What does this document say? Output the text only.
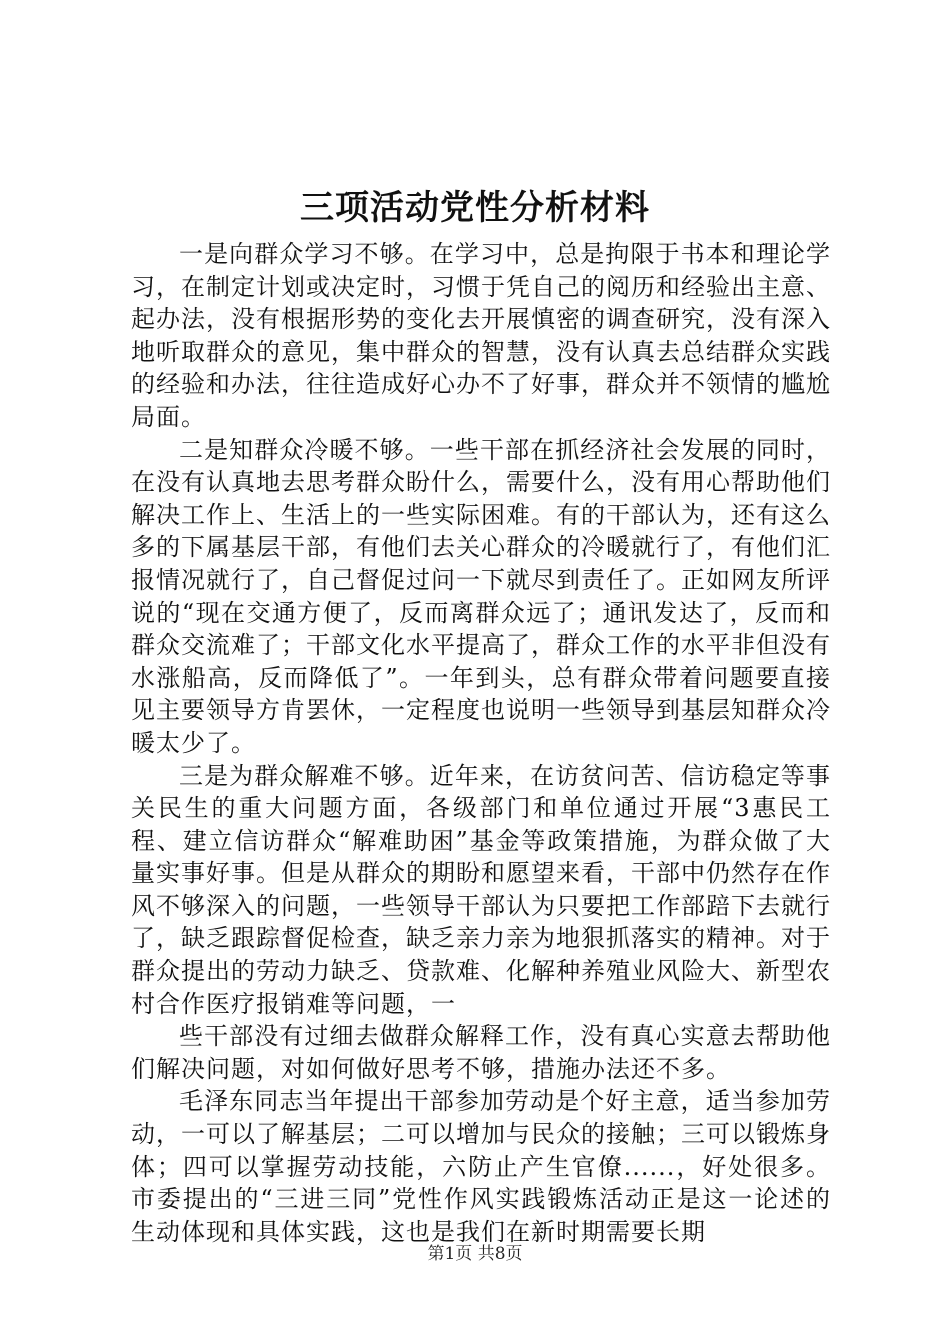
三项活动党性分析材料

一是向群众学习不够。在学习中，总是拘限于书本和理论学习，在制定计划或决定时，习惯于凭自己的阅历和经验出主意、起办法，没有根据形势的变化去开展慎密的调查研究，没有深入地听取群众的意见，集中群众的智慧，没有认真去总结群众实践的经验和办法，往往造成好心办不了好事，群众并不领情的尴尬局面。

二是知群众冷暖不够。一些干部在抓经济社会发展的同时，在没有认真地去思考群众盼什么，需要什么，没有用心帮助他们解决工作上、生活上的一些实际困难。有的干部认为，还有这么多的下属基层干部，有他们去关心群众的冷暖就行了，有他们汇报情况就行了，自己督促过问一下就尽到责任了。正如网友所评说的“现在交通方便了，反而离群众远了；通讯发达了，反而和群众交流难了；干部文化水平提高了，群众工作的水平非但没有水涨船高，反而降低了”。一年到头，总有群众带着问题要直接见主要领导方肯罢休，一定程度也说明一些领导到基层知群众冷暖太少了。

三是为群众解难不够。近年来，在访贫问苦、信访稳定等事关民生的重大问题方面，各级部门和单位通过开展“3惠民工程、建立信访群众“解难助困”基金等政策措施，为群众做了大量实事好事。但是从群众的期盼和愿望来看，干部中仍然存在作风不够深入的问题，一些领导干部认为只要把工作部踣下去就行了，缺乏跟踪督促检查，缺乏亲力亲为地狠抓落实的精神。对于群众提出的劳动力缺乏、贷款难、化解种养殖业风险大、新型农村合作医疗报销难等问题，一

些干部没有过细去做群众解释工作，没有真心实意去帮助他们解决问题，对如何做好思考不够，措施办法还不多。

毛泽东同志当年提出干部参加劳动是个好主意，适当参加劳动，一可以了解基层；二可以增加与民众的接触；三可以锻炼身体；四可以掌握劳动技能，六防止产生官僚......，好处很多。市委提出的“三进三同”党性作风实践锻炼活动正是这一论述的生动体现和具体实践，这也是我们在新时期需要长期

第1页 共8页
